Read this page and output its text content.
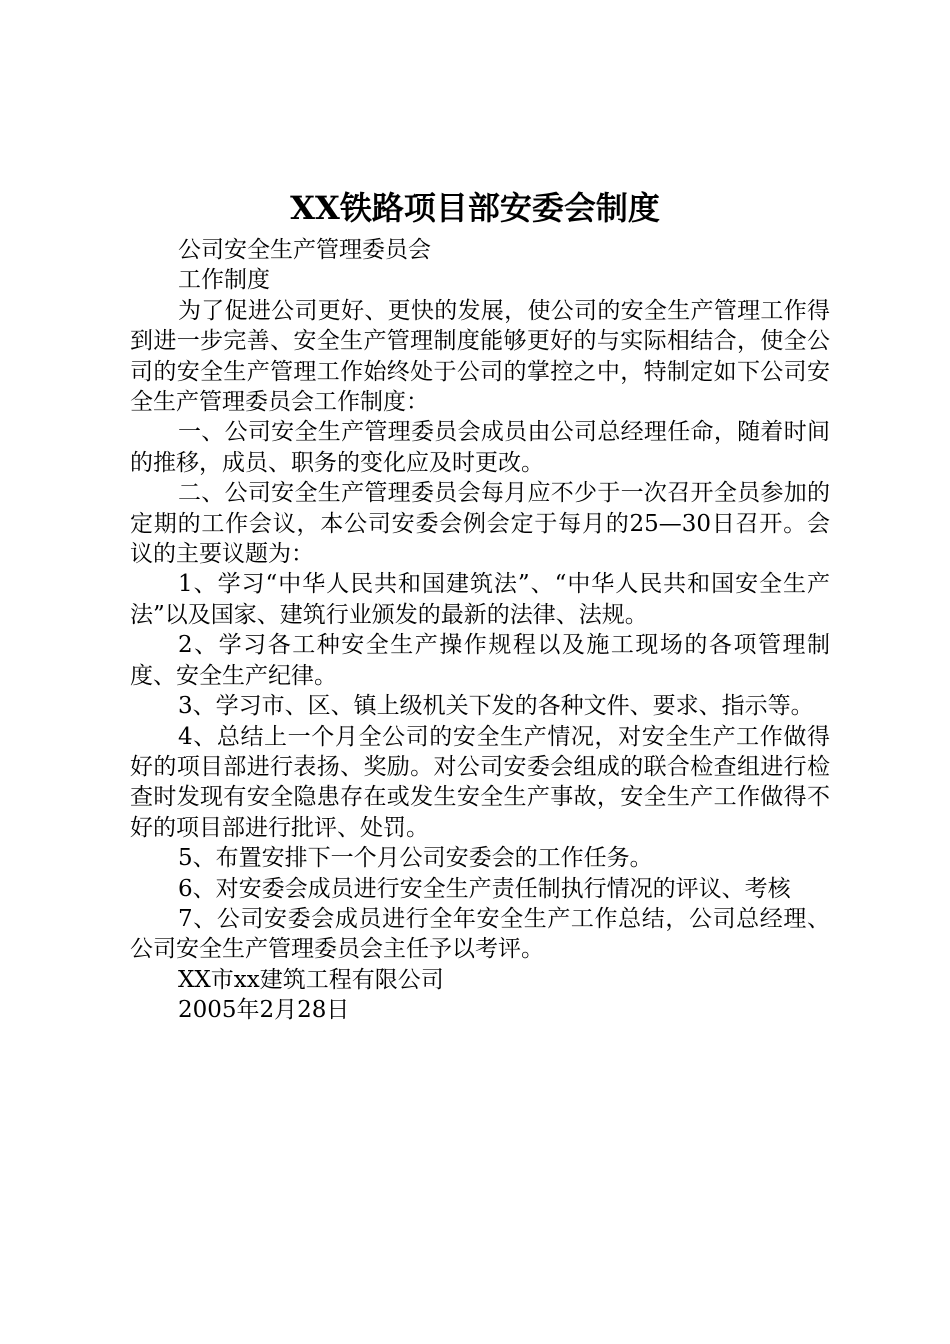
XX铁路项目部安委会制度

公司安全生产管理委员会

工作制度

为了促进公司更好、更快的发展，使公司的安全生产管理工作得到进一步完善、安全生产管理制度能够更好的与实际相结合，使全公司的安全生产管理工作始终处于公司的掌控之中，特制定如下公司安全生产管理委员会工作制度：

一、公司安全生产管理委员会成员由公司总经理任命，随着时间的推移，成员、职务的变化应及时更改。

二、公司安全生产管理委员会每月应不少于一次召开全员参加的定期的工作会议，本公司安委会例会定于每月的25—30日召开。会议的主要议题为：

1、学习“中华人民共和国建筑法”、“中华人民共和国安全生产法”以及国家、建筑行业颁发的最新的法律、法规。

2、学习各工种安全生产操作规程以及施工现场的各项管理制度、安全生产纪律。

3、学习市、区、镇上级机关下发的各种文件、要求、指示等。

4、总结上一个月全公司的安全生产情况，对安全生产工作做得好的项目部进行表扬、奖励。对公司安委会组成的联合检查组进行检查时发现有安全隐患存在或发生安全生产事故，安全生产工作做得不好的项目部进行批评、处罚。

5、布置安排下一个月公司安委会的工作任务。

6、对安委会成员进行安全生产责任制执行情况的评议、考核

7、公司安委会成员进行全年安全生产工作总结，公司总经理、公司安全生产管理委员会主任予以考评。

XX市xx建筑工程有限公司

2005年2月28日
